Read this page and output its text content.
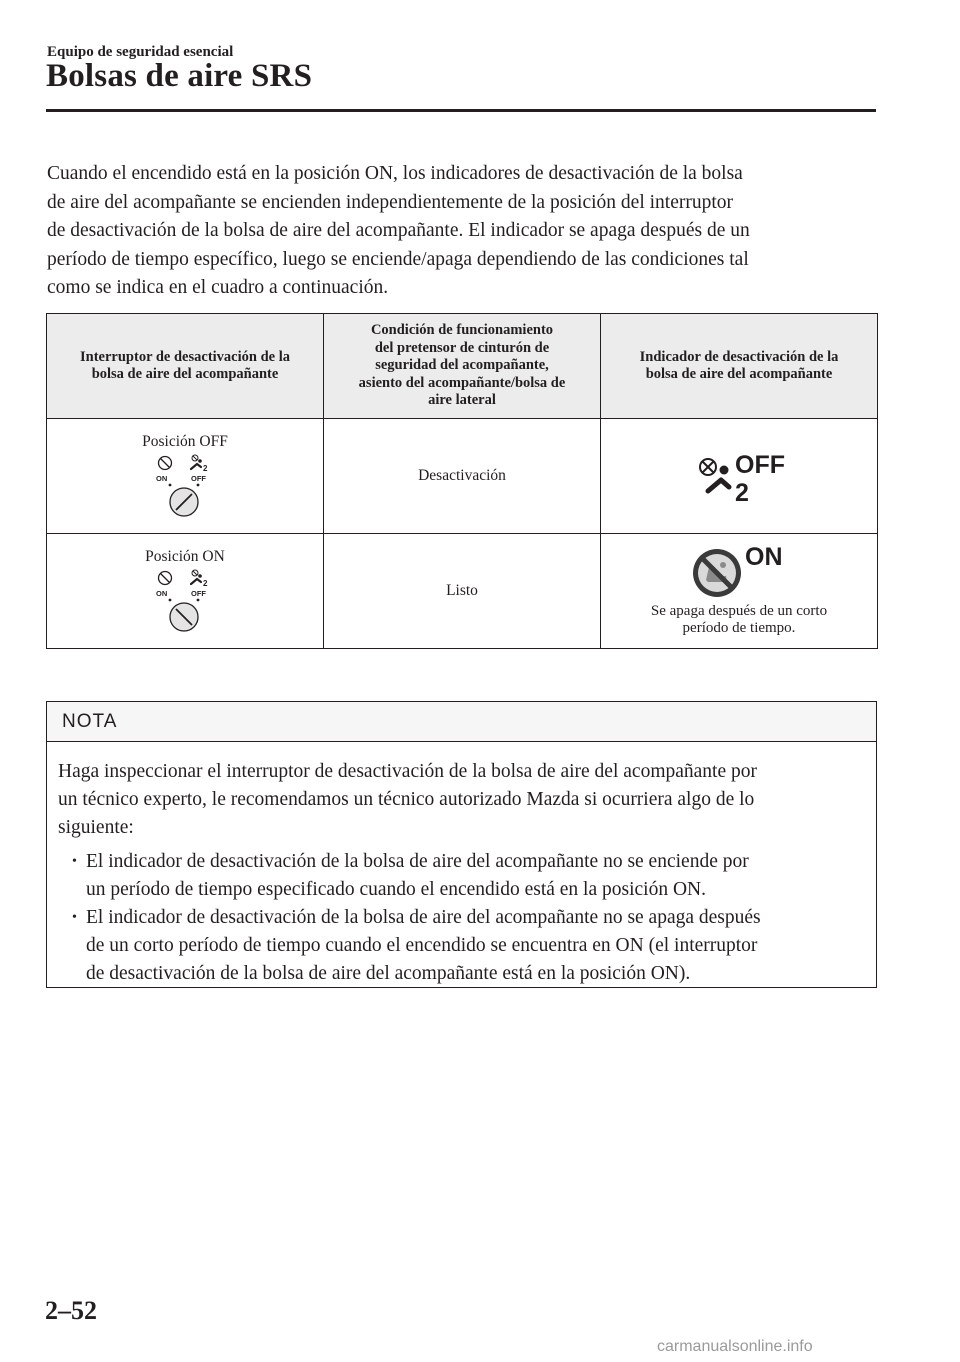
Equipo de seguridad esencial
Bolsas de aire SRS

Cuando el encendido está en la posición ON, los indicadores de desactivación de la bolsa
de aire del acompañante se encienden independientemente de la posición del interruptor
de desactivación de la bolsa de aire del acompañante. El indicador se apaga después de un
período de tiempo específico, luego se enciende/apaga dependiendo de las condiciones tal
como se indica en el cuadro a continuación.

Interruptor de desactivación de la
bolsa de aire del acompañante	Condición de funcionamiento
del pretensor de cinturón de
seguridad del acompañante,
asiento del acompañante/bolsa de
aire lateral	Indicador de desactivación de la
bolsa de aire del acompañante

Posición OFF
2
ON OFF	Desactivación	OFF
2

Posición ON
2
ON OFF	Listo	ON
Se apaga después de un corto
período de tiempo.
NOTA
Haga inspeccionar el interruptor de desactivación de la bolsa de aire del acompañante por
un técnico experto, le recomendamos un técnico autorizado Mazda si ocurriera algo de lo
siguiente:
• El indicador de desactivación de la bolsa de aire del acompañante no se enciende por
un período de tiempo especificado cuando el encendido está en la posición ON.
• El indicador de desactivación de la bolsa de aire del acompañante no se apaga después
de un corto período de tiempo cuando el encendido se encuentra en ON (el interruptor
de desactivación de la bolsa de aire del acompañante está en la posición ON).
2–52
carmanualsonline.info
